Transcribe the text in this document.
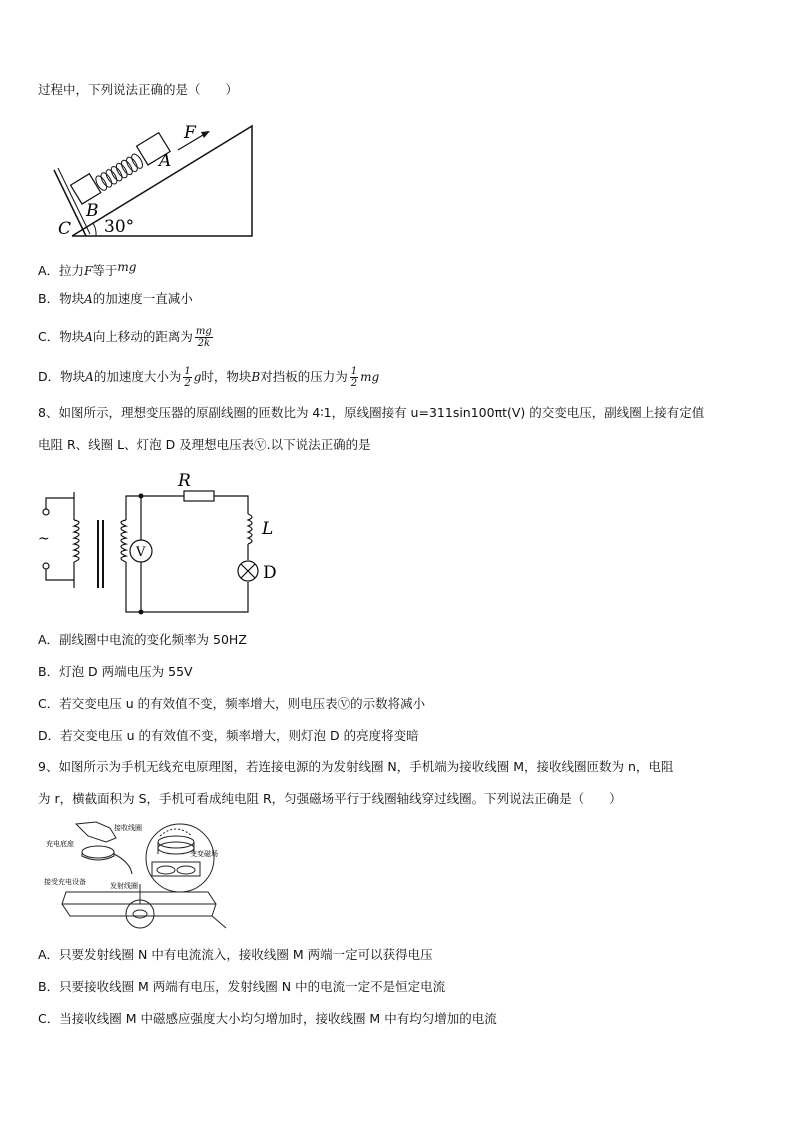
过程中，下列说法正确的是（　　）
F
A
B
C 30°
A．拉力F等于mg
B．物块A的加速度一直减小
C．物块A向上移动的距离为 $\frac{mg}{2k}$
D．物块A的加速度大小为 $\frac{1}{2}$ g时，物块B对挡板的压力为 $\frac{1}{2}$ mg
8、如图所示，理想变压器的原副线圈的匝数比为 4∶1，原线圈接有 u=311sin100πt(V) 的交变电压，副线圈上接有定值
电阻 R、线圈 L、灯泡 D 及理想电压表Ⓥ.以下说法正确的是
R
L
D
V
~
A．副线圈中电流的变化频率为 50HZ
B．灯泡 D 两端电压为 55V
C．若交变电压 u 的有效值不变，频率增大，则电压表Ⓥ的示数将减小
D．若交变电压 u 的有效值不变，频率增大，则灯泡 D 的亮度将变暗
9、如图所示为手机无线充电原理图，若连接电源的为发射线圈 N，手机端为接收线圈 M，接收线圈匝数为 n，电阻
为 r，横截面积为 S，手机可看成纯电阻 R，匀强磁场平行于线圈轴线穿过线圈。下列说法正确是（　　）
接收线圈
充电底座
交变磁场
发射线圈
接受充电设备
A．只要发射线圈 N 中有电流流入，接收线圈 M 两端一定可以获得电压
B．只要接收线圈 M 两端有电压，发射线圈 N 中的电流一定不是恒定电流
C．当接收线圈 M 中磁感应强度大小均匀增加时，接收线圈 M 中有均匀增加的电流
